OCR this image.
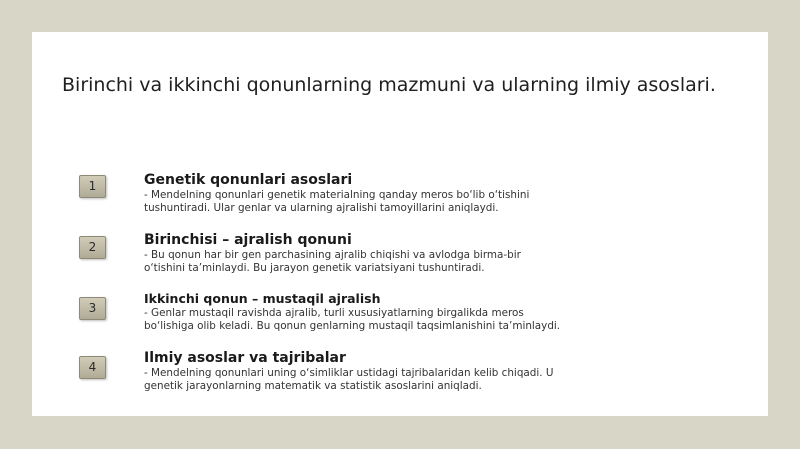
Birinchi va ikkinchi qonunlarning mazmuni va ularning ilmiy asoslari.
1	Genetik qonunlari asoslari

- Mendelning qonunlari genetik materialning qanday meros bo‘lib o‘tishini tushuntiradi. Ular genlar va ularning ajralishi tamoyillarini aniqlaydi.

2	Birinchisi – ajralish qonuni

- Bu qonun har bir gen parchasining ajralib chiqishi va avlodga birma-bir o‘tishini ta’minlaydi. Bu jarayon genetik variatsiyani tushuntiradi.

3

Ikkinchi qonun – mustaqil ajralish

- Genlar mustaqil ravishda ajralib, turli xususiyatlarning birgalikda meros bo‘lishiga olib keladi. Bu qonun genlarning mustaqil taqsimlanishini ta’minlaydi.

4

Ilmiy asoslar va tajribalar

- Mendelning qonunlari uning o‘simliklar ustidagi tajribalaridan kelib chiqadi. U genetik jarayonlarning matematik va statistik asoslarini aniqladi.
